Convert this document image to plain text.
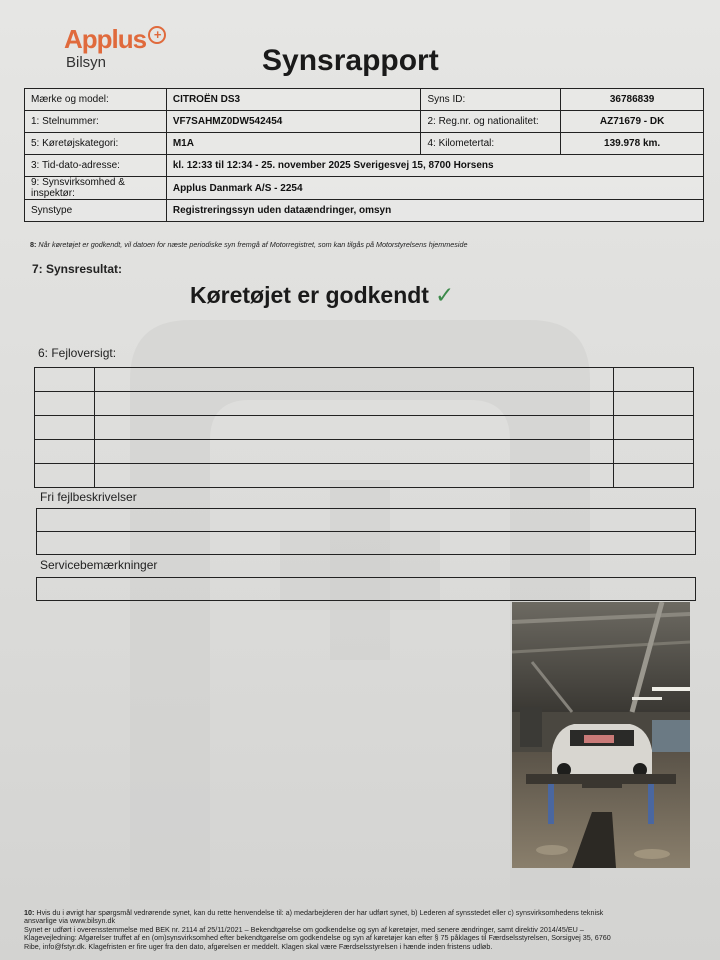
Applus +
Bilsyn	Synsrapport
Mærke og model:	CITROËN DS3	Syns ID:	36786839
1: Stelnummer:	VF7SAHMZ0DW542454	2: Reg.nr. og nationalitet:	AZ71679 - DK
5: Køretøjskategori:	M1A	4: Kilometertal:	139.978 km.
3: Tid-dato-adresse:	kl. 12:33 til 12:34 - 25. november 2025 Sverigesvej 15, 8700 Horsens		
9: Synsvirksomhed & inspektør:	Applus Danmark A/S - 2254		
Synstype	Registreringssyn uden dataændringer, omsyn		
8: Når køretøjet er godkendt, vil datoen for næste periodiske syn fremgå af Motorregistret, som kan tilgås på Motorstyrelsens hjemmeside
7: Synsresultat:
Køretøjet er godkendt ✓
6: Fejloversigt:

Fri fejlbeskrivelser
Servicebemærkninger
10: Hvis du i øvrigt har spørgsmål vedrørende synet, kan du rette henvendelse til: a) medarbejderen der har udført synet, b) Lederen af synsstedet eller c) synsvirksomhedens teknisk
ansvarlige via www.bilsyn.dk
Synet er udført i overensstemmelse med BEK nr. 2114 af 25/11/2021 – Bekendtgørelse om godkendelse og syn af køretøjer, med senere ændringer, samt direktiv 2014/45/EU –
Klagevejledning: Afgørelser truffet af en (om)synsvirksomhed efter bekendtgørelse om godkendelse og syn af køretøjer kan efter § 75 påklages til Færdselsstyrelsen, Sorsigvej 35, 6760
Ribe, info@fstyr.dk. Klagefristen er fire uger fra den dato, afgørelsen er meddelt. Klagen skal være Færdselsstyrelsen i hænde inden fristens udløb.
